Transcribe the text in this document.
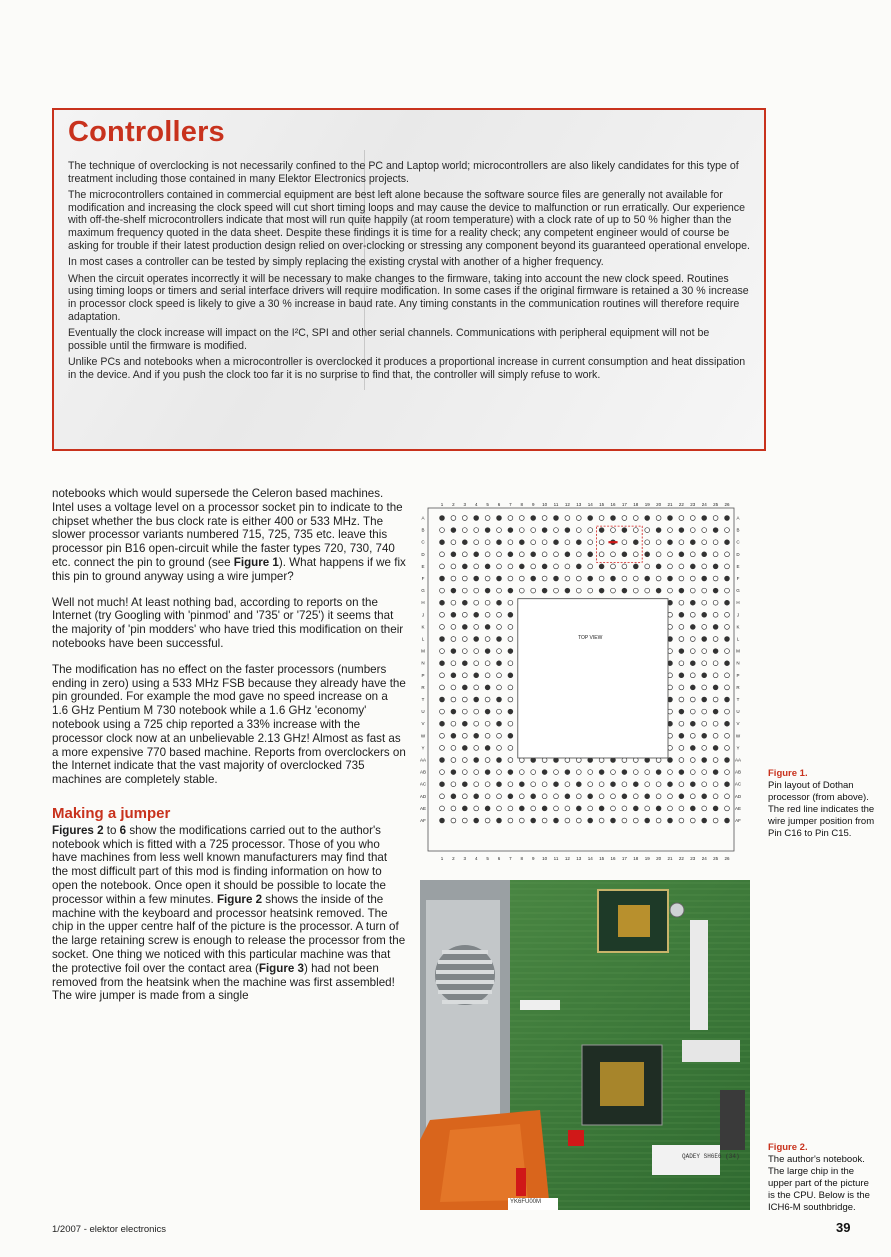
Controllers

The technique of overclocking is not necessarily confined to the PC and Laptop world; microcontrollers are also likely candidates for this type of treatment including those contained in many Elektor Electronics projects.

The microcontrollers contained in commercial equipment are best left alone because the software source files are generally not available for modification and increasing the clock speed will cut short timing loops and may cause the device to malfunction or run erratically. Our experience with off-the-shelf microcontrollers indicate that most will run quite happily (at room temperature) with a clock rate of up to 50 % higher than the maximum frequency quoted in the data sheet. Despite these findings it is time for a reality check; any competent engineer would of course be asking for trouble if their latest production design relied on over-clocking or stressing any component beyond its guaranteed operational envelope.

In most cases a controller can be tested by simply replacing the existing crystal with another of a higher frequency.

When the circuit operates incorrectly it will be necessary to make changes to the firmware, taking into account the new clock speed. Routines using timing loops or timers and serial interface drivers will require modification. In some cases if the original firmware is retained a 30 % increase in processor clock speed is likely to give a 30 % increase in baud rate. Any timing constants in the communication routines will therefore require adaptation.

Eventually the clock increase will impact on the I²C, SPI and other serial channels. Communications with peripheral equipment will not be possible until the firmware is modified.

Unlike PCs and notebooks when a microcontroller is overclocked it produces a proportional increase in current consumption and heat dissipation in the device. And if you push the clock too far it is no surprise to find that, the controller will simply refuse to work.

notebooks which would supersede the Celeron based machines. Intel uses a voltage level on a processor socket pin to indicate to the chipset whether the bus clock rate is either 400 or 533 MHz. The slower processor variants numbered 715, 725, 735 etc. leave this processor pin B16 open-circuit while the faster types 720, 730, 740 etc. connect the pin to ground (see Figure 1). What happens if we fix this pin to ground anyway using a wire jumper?

Well not much! At least nothing bad, according to reports on the Internet (try Googling with 'pinmod' and '735' or '725') it seems that the majority of 'pin modders' who have tried this modification on their notebooks have been successful.

The modification has no effect on the faster processors (numbers ending in zero) using a 533 MHz FSB because they already have the pin grounded. For example the mod gave no speed increase on a 1.6 GHz Pentium M 730 notebook while a 1.6 GHz 'economy' notebook using a 725 chip reported a 33% increase with the processor clock now at an unbelievable 2.13 GHz! Almost as fast as a more expensive 770 based machine. Reports from overclockers on the Internet indicate that the vast majority of overclocked 735 machines are completely stable.

Making a jumper

Figures 2 to 6 show the modifications carried out to the author's notebook which is fitted with a 725 processor. Those of you who have machines from less well known manufacturers may find that the most difficult part of this mod is finding information on how to open the notebook. Once open it should be possible to locate the processor within a few minutes. Figure 2 shows the inside of the machine with the keyboard and processor heatsink removed. The chip in the upper centre half of the picture is the processor. A turn of the large retaining screw is enough to release the processor from the socket. One thing we noticed with this particular machine was that the protective foil over the contact area (Figure 3) had not been removed from the heatsink when the machine was first assembled! The wire jumper is made from a single

1
1
2
2
3
3
4
4
5
5
6
6
7
7
8
8
9
9
10
10
11
11
12
12
13
13
14
14
15
15
16
16
17
17
18
18
19
19
20
20
21
21
22
22
23
23
24
24
25
25
26
26
A	A
B	B
C	C
D	D
E	E
F	F
G	G
H	H
J	J
K	K
L	L
M	M
N	N
P	P
R	R
T	T
U	U
V	V
W	W
Y	Y
AA	AA
AB	AB
AC	AC
AD	AD
AE	AE
AF	AF
TOP VIEW
Figure 1.
Pin layout of Dothan processor (from above). The red line indicates the wire jumper position from Pin C16 to Pin C15.
QADEY SH6E6 (34)
YK6FU00M
Figure 2.
The author's notebook. The large chip in the upper part of the picture is the CPU. Below is the ICH6-M southbridge.
1/2007 - elektor electronics	39
